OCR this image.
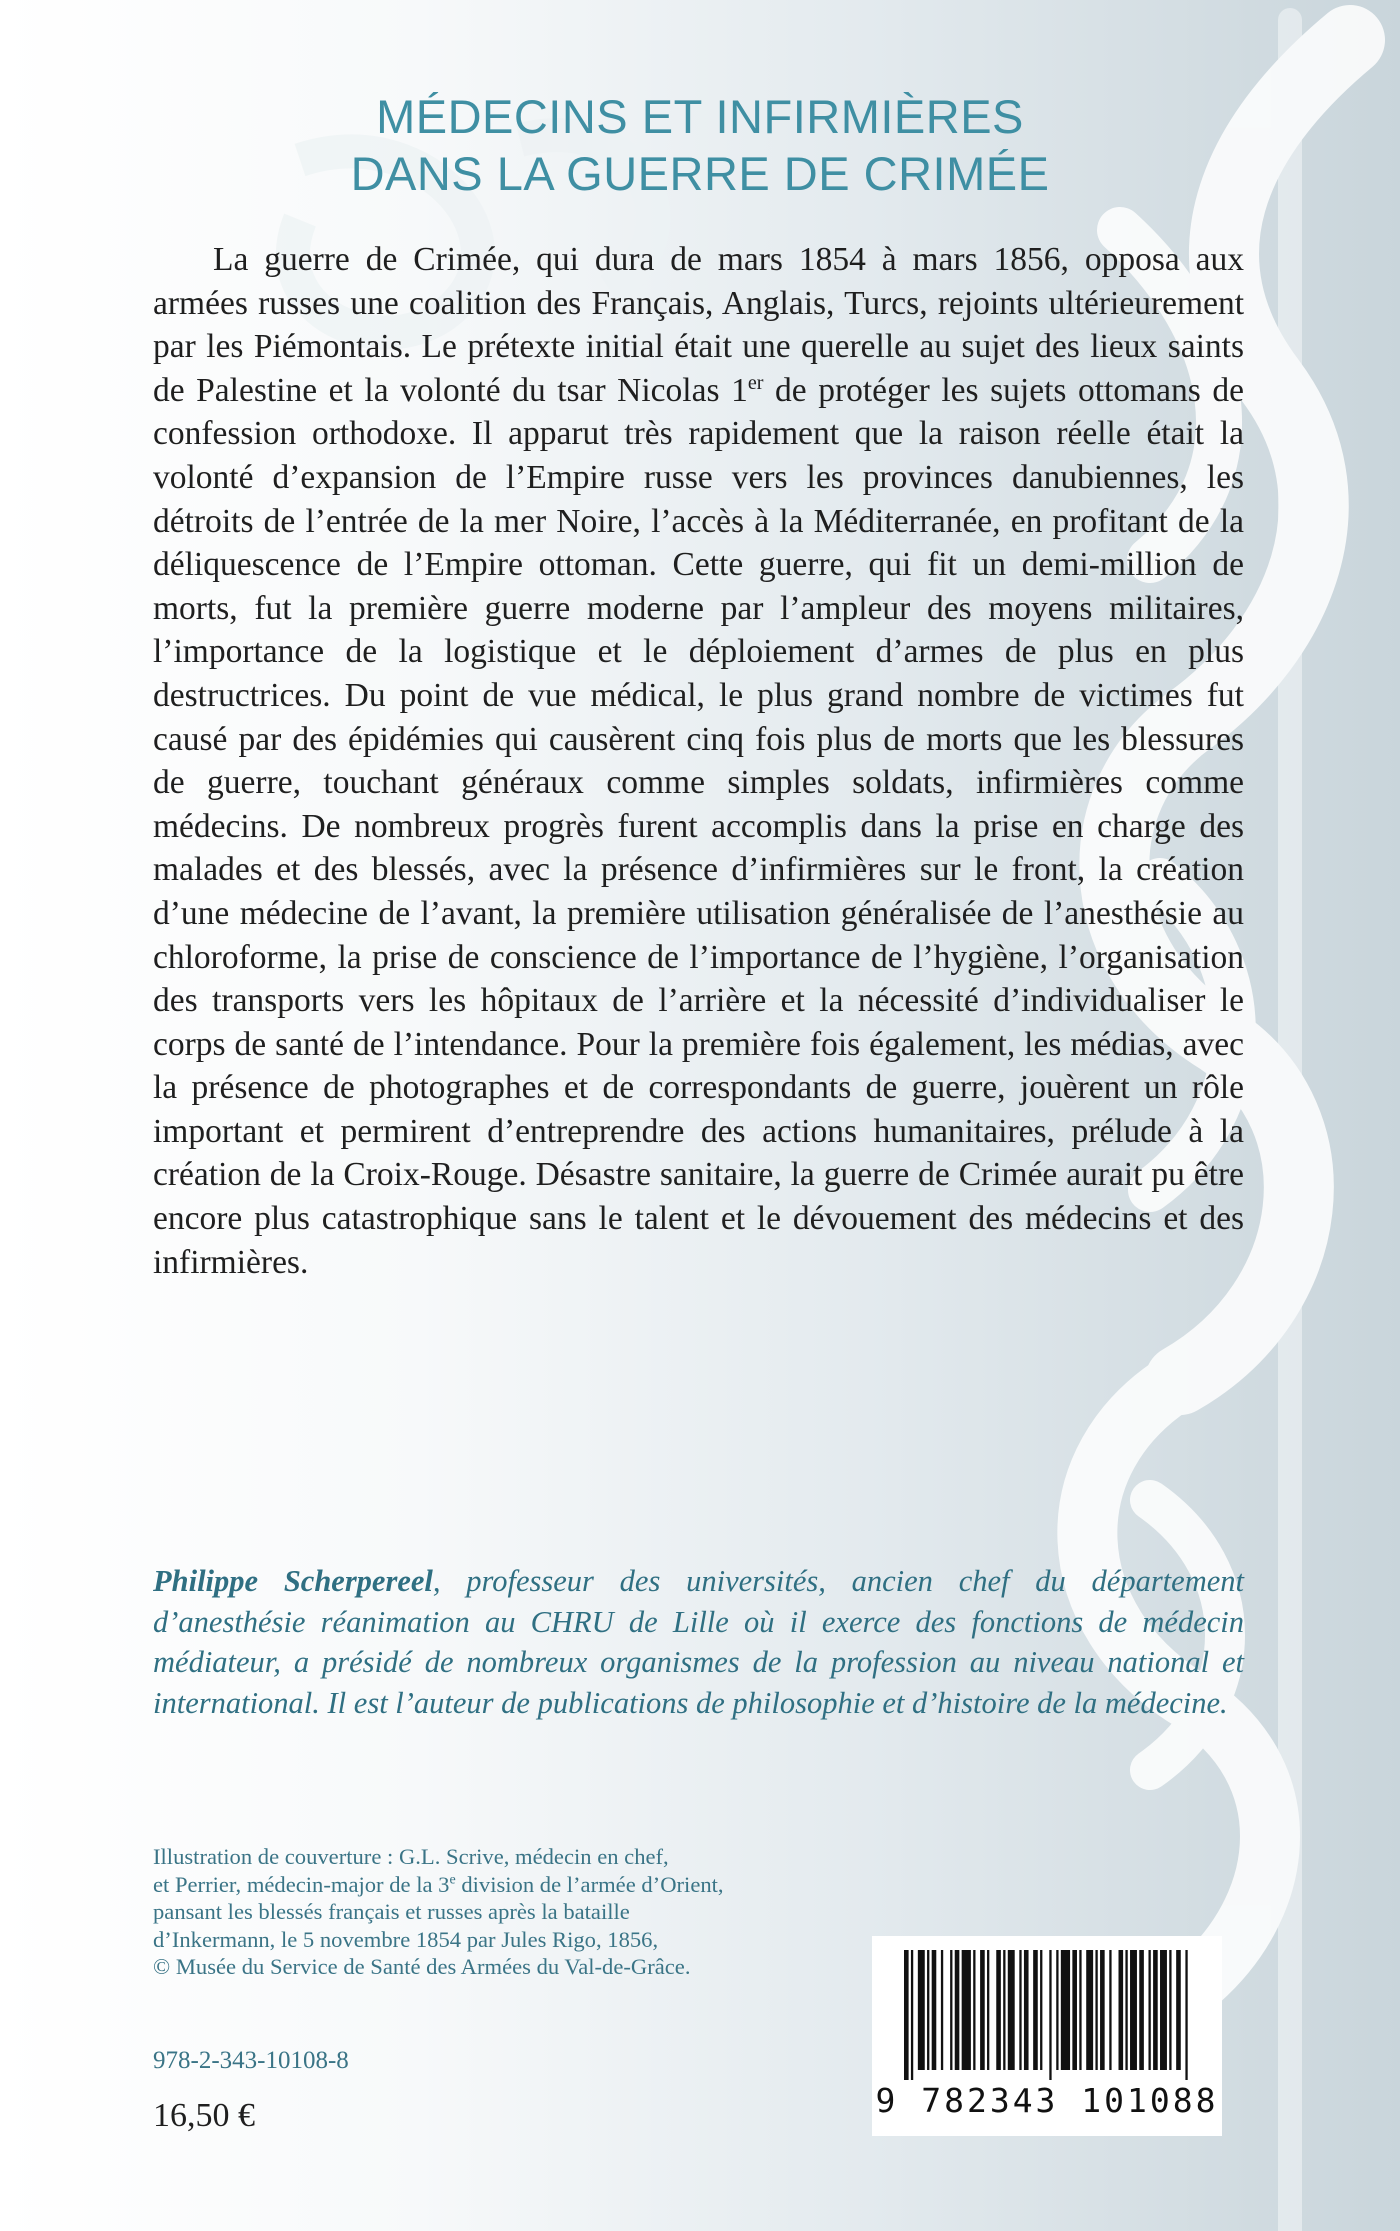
MÉDECINS ET INFIRMIÈRES
DANS LA GUERRE DE CRIMÉE

La guerre de Crimée, qui dura de mars 1854 à mars 1856, opposa aux armées russes une coalition des Français, Anglais, Turcs, rejoints ultérieurement par les Piémontais. Le prétexte initial était une querelle au sujet des lieux saints de Palestine et la volonté du tsar Nicolas 1er de protéger les sujets ottomans de confession orthodoxe. Il apparut très rapidement que la raison réelle était la volonté d’expansion de l’Empire russe vers les provinces danubiennes, les détroits de l’entrée de la mer Noire, l’accès à la Méditerranée, en profitant de la déliquescence de l’Empire ottoman. Cette guerre, qui fit un demi-million de morts, fut la première guerre moderne par l’ampleur des moyens militaires, l’importance de la logistique et le déploiement d’armes de plus en plus destructrices. Du point de vue médical, le plus grand nombre de victimes fut causé par des épidémies qui causèrent cinq fois plus de morts que les blessures de guerre, touchant généraux comme simples soldats, infirmières comme médecins. De nombreux progrès furent accomplis dans la prise en charge des malades et des blessés, avec la présence d’infirmières sur le front, la création d’une médecine de l’avant, la première utilisation généralisée de l’anesthésie au chloroforme, la prise de conscience de l’importance de l’hygiène, l’organisation des transports vers les hôpitaux de l’arrière et la nécessité d’individualiser le corps de santé de l’intendance. Pour la première fois également, les médias, avec la présence de photographes et de correspondants de guerre, jouèrent un rôle important et permirent d’entreprendre des actions humanitaires, prélude à la création de la Croix-Rouge. Désastre sanitaire, la guerre de Crimée aurait pu être encore plus catastrophique sans le talent et le dévouement des médecins et des infirmières.

Philippe Scherpereel, professeur des universités, ancien chef du département d’anesthésie réanimation au CHRU de Lille où il exerce des fonctions de médecin médiateur, a présidé de nombreux organismes de la profession au niveau national et international. Il est l’auteur de publications de philosophie et d’histoire de la médecine.

Illustration de couverture : G.L. Scrive, médecin en chef,

et Perrier, médecin-major de la 3e division de l’armée d’Orient,

pansant les blessés français et russes après la bataille

d’Inkermann, le 5 novembre 1854 par Jules Rigo, 1856,

© Musée du Service de Santé des Armées du Val-de-Grâce.

978-2-343-10108-8
16,50 €	9 782343 101088
